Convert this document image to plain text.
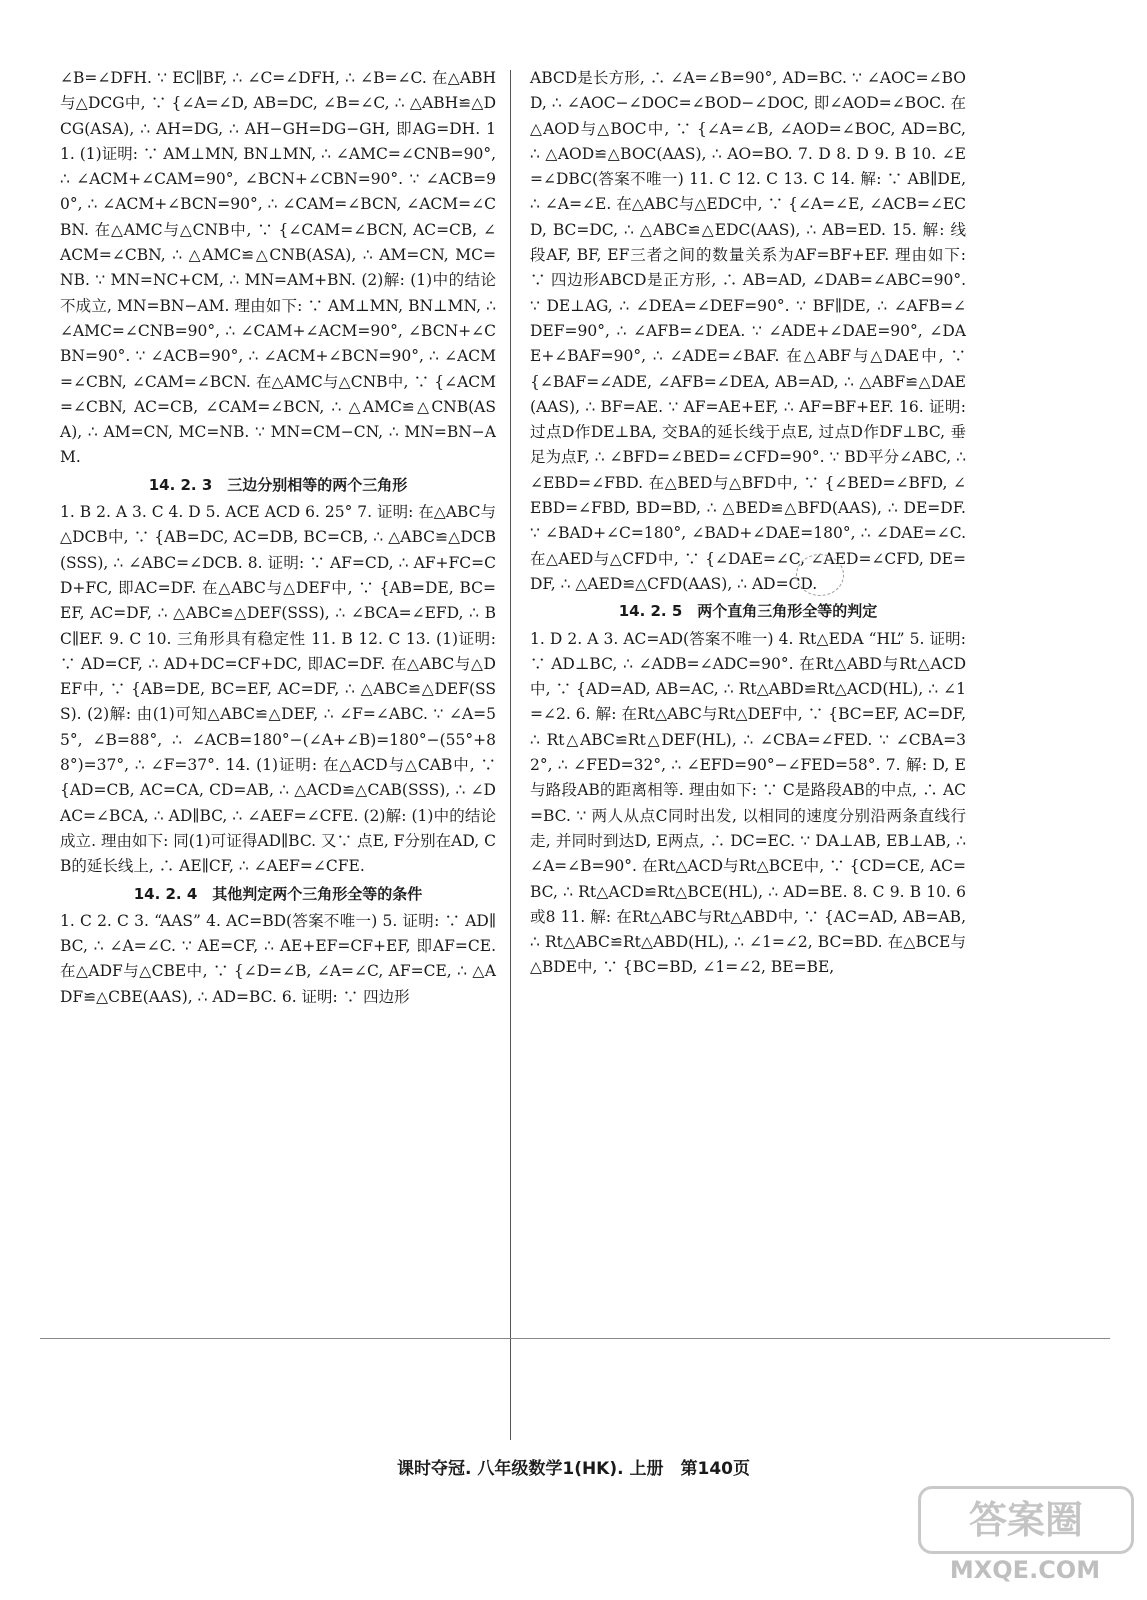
∠B=∠DFH. ∵ EC∥BF, ∴ ∠C=∠DFH, ∴ ∠B=∠C. 在△ABH与△DCG中, ∵ {∠A=∠D, AB=DC, ∠B=∠C, ∴ △ABH≌△DCG(ASA), ∴ AH=DG, ∴ AH−GH=DG−GH, 即AG=DH. 11. (1)证明: ∵ AM⊥MN, BN⊥MN, ∴ ∠AMC=∠CNB=90°, ∴ ∠ACM+∠CAM=90°, ∠BCN+∠CBN=90°. ∵ ∠ACB=90°, ∴ ∠ACM+∠BCN=90°, ∴ ∠CAM=∠BCN, ∠ACM=∠CBN. 在△AMC与△CNB中, ∵ {∠CAM=∠BCN, AC=CB, ∠ACM=∠CBN, ∴ △AMC≌△CNB(ASA), ∴ AM=CN, MC=NB. ∵ MN=NC+CM, ∴ MN=AM+BN. (2)解: (1)中的结论不成立, MN=BN−AM. 理由如下: ∵ AM⊥MN, BN⊥MN, ∴ ∠AMC=∠CNB=90°, ∴ ∠CAM+∠ACM=90°, ∠BCN+∠CBN=90°. ∵ ∠ACB=90°, ∴ ∠ACM+∠BCN=90°, ∴ ∠ACM=∠CBN, ∠CAM=∠BCN. 在△AMC与△CNB中, ∵ {∠ACM=∠CBN, AC=CB, ∠CAM=∠BCN, ∴ △AMC≌△CNB(ASA), ∴ AM=CN, MC=NB. ∵ MN=CM−CN, ∴ MN=BN−AM.

14. 2. 3　三边分别相等的两个三角形

1. B 2. A 3. C 4. D 5. ACE ACD 6. 25° 7. 证明: 在△ABC与△DCB中, ∵ {AB=DC, AC=DB, BC=CB, ∴ △ABC≌△DCB(SSS), ∴ ∠ABC=∠DCB. 8. 证明: ∵ AF=CD, ∴ AF+FC=CD+FC, 即AC=DF. 在△ABC与△DEF中, ∵ {AB=DE, BC=EF, AC=DF, ∴ △ABC≌△DEF(SSS), ∴ ∠BCA=∠EFD, ∴ BC∥EF. 9. C 10. 三角形具有稳定性 11. B 12. C 13. (1)证明: ∵ AD=CF, ∴ AD+DC=CF+DC, 即AC=DF. 在△ABC与△DEF中, ∵ {AB=DE, BC=EF, AC=DF, ∴ △ABC≌△DEF(SSS). (2)解: 由(1)可知△ABC≌△DEF, ∴ ∠F=∠ABC. ∵ ∠A=55°, ∠B=88°, ∴ ∠ACB=180°−(∠A+∠B)=180°−(55°+88°)=37°, ∴ ∠F=37°. 14. (1)证明: 在△ACD与△CAB中, ∵ {AD=CB, AC=CA, CD=AB, ∴ △ACD≌△CAB(SSS), ∴ ∠DAC=∠BCA, ∴ AD∥BC, ∴ ∠AEF=∠CFE. (2)解: (1)中的结论成立. 理由如下: 同(1)可证得AD∥BC. 又∵ 点E, F分别在AD, CB的延长线上, ∴ AE∥CF, ∴ ∠AEF=∠CFE.

14. 2. 4　其他判定两个三角形全等的条件

1. C 2. C 3. “AAS” 4. AC=BD(答案不唯一) 5. 证明: ∵ AD∥BC, ∴ ∠A=∠C. ∵ AE=CF, ∴ AE+EF=CF+EF, 即AF=CE. 在△ADF与△CBE中, ∵ {∠D=∠B, ∠A=∠C, AF=CE, ∴ △ADF≌△CBE(AAS), ∴ AD=BC. 6. 证明: ∵ 四边形

ABCD是长方形, ∴ ∠A=∠B=90°, AD=BC. ∵ ∠AOC=∠BOD, ∴ ∠AOC−∠DOC=∠BOD−∠DOC, 即∠AOD=∠BOC. 在△AOD与△BOC中, ∵ {∠A=∠B, ∠AOD=∠BOC, AD=BC, ∴ △AOD≌△BOC(AAS), ∴ AO=BO. 7. D 8. D 9. B 10. ∠E=∠DBC(答案不唯一) 11. C 12. C 13. C 14. 解: ∵ AB∥DE, ∴ ∠A=∠E. 在△ABC与△EDC中, ∵ {∠A=∠E, ∠ACB=∠ECD, BC=DC, ∴ △ABC≌△EDC(AAS), ∴ AB=ED. 15. 解: 线段AF, BF, EF三者之间的数量关系为AF=BF+EF. 理由如下: ∵ 四边形ABCD是正方形, ∴ AB=AD, ∠DAB=∠ABC=90°. ∵ DE⊥AG, ∴ ∠DEA=∠DEF=90°. ∵ BF∥DE, ∴ ∠AFB=∠DEF=90°, ∴ ∠AFB=∠DEA. ∵ ∠ADE+∠DAE=90°, ∠DAE+∠BAF=90°, ∴ ∠ADE=∠BAF. 在△ABF与△DAE中, ∵ {∠BAF=∠ADE, ∠AFB=∠DEA, AB=AD, ∴ △ABF≌△DAE(AAS), ∴ BF=AE. ∵ AF=AE+EF, ∴ AF=BF+EF. 16. 证明: 过点D作DE⊥BA, 交BA的延长线于点E, 过点D作DF⊥BC, 垂足为点F, ∴ ∠BFD=∠BED=∠CFD=90°. ∵ BD平分∠ABC, ∴ ∠EBD=∠FBD. 在△BED与△BFD中, ∵ {∠BED=∠BFD, ∠EBD=∠FBD, BD=BD, ∴ △BED≌△BFD(AAS), ∴ DE=DF. ∵ ∠BAD+∠C=180°, ∠BAD+∠DAE=180°, ∴ ∠DAE=∠C. 在△AED与△CFD中, ∵ {∠DAE=∠C, ∠AED=∠CFD, DE=DF, ∴ △AED≌△CFD(AAS), ∴ AD=CD.

14. 2. 5　两个直角三角形全等的判定

1. D 2. A 3. AC=AD(答案不唯一) 4. Rt△EDA “HL” 5. 证明: ∵ AD⊥BC, ∴ ∠ADB=∠ADC=90°. 在Rt△ABD与Rt△ACD中, ∵ {AD=AD, AB=AC, ∴ Rt△ABD≌Rt△ACD(HL), ∴ ∠1=∠2. 6. 解: 在Rt△ABC与Rt△DEF中, ∵ {BC=EF, AC=DF, ∴ Rt△ABC≌Rt△DEF(HL), ∴ ∠CBA=∠FED. ∵ ∠CBA=32°, ∴ ∠FED=32°, ∴ ∠EFD=90°−∠FED=58°. 7. 解: D, E与路段AB的距离相等. 理由如下: ∵ C是路段AB的中点, ∴ AC=BC. ∵ 两人从点C同时出发, 以相同的速度分别沿两条直线行走, 并同时到达D, E两点, ∴ DC=EC. ∵ DA⊥AB, EB⊥AB, ∴ ∠A=∠B=90°. 在Rt△ACD与Rt△BCE中, ∵ {CD=CE, AC=BC, ∴ Rt△ACD≌Rt△BCE(HL), ∴ AD=BE. 8. C 9. B 10. 6或8 11. 解: 在Rt△ABC与Rt△ABD中, ∵ {AC=AD, AB=AB, ∴ Rt△ABC≌Rt△ABD(HL), ∴ ∠1=∠2, BC=BD. 在△BCE与△BDE中, ∵ {BC=BD, ∠1=∠2, BE=BE,

课时夺冠. 八年级数学1(HK). 上册　第140页
答案圈
MXQE.COM
